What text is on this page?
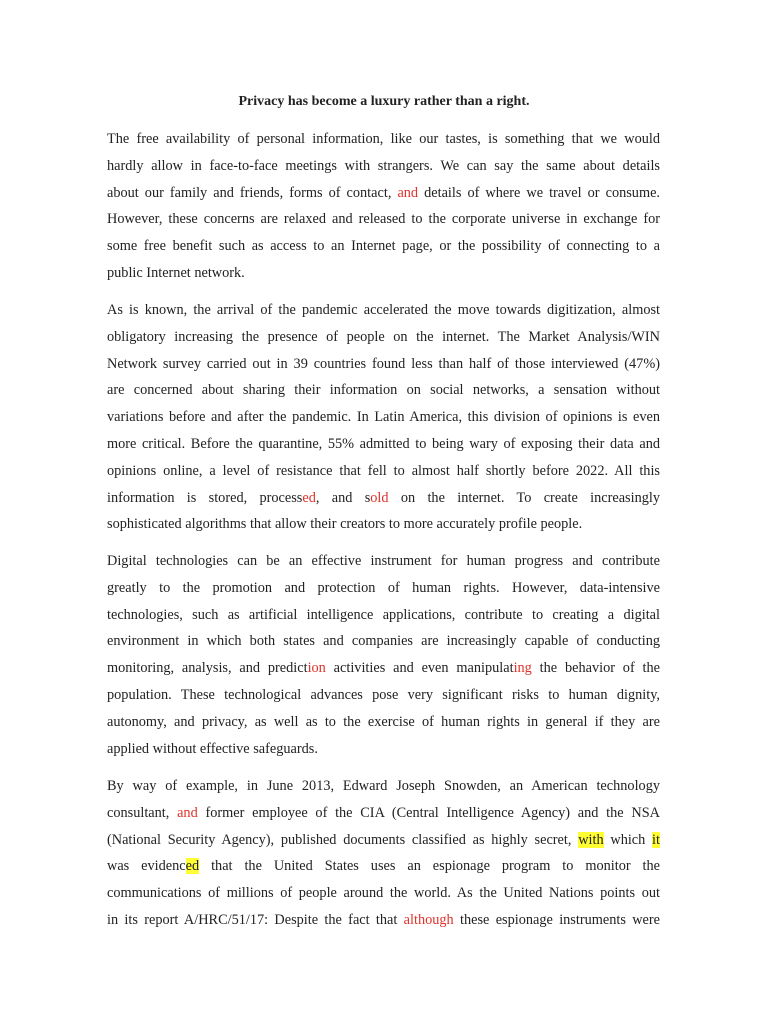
Privacy has become a luxury rather than a right.

The free availability of personal information, like our tastes, is something that we would
hardly allow in face-to-face meetings with strangers. We can say the same about details
about our family and friends, forms of contact, and details of where we travel or consume.
However, these concerns are relaxed and released to the corporate universe in exchange for
some free benefit such as access to an Internet page, or the possibility of connecting to a
public Internet network.

As is known, the arrival of the pandemic accelerated the move towards digitization, almost
obligatory increasing the presence of people on the internet. The Market Analysis/WIN
Network survey carried out in 39 countries found less than half of those interviewed (47%)
are concerned about sharing their information on social networks, a sensation without
variations before and after the pandemic. In Latin America, this division of opinions is even
more critical. Before the quarantine, 55% admitted to being wary of exposing their data and
opinions online, a level of resistance that fell to almost half shortly before 2022. All this
information is stored, processed, and sold on the internet. To create increasingly
sophisticated algorithms that allow their creators to more accurately profile people.

Digital technologies can be an effective instrument for human progress and contribute
greatly to the promotion and protection of human rights. However, data-intensive
technologies, such as artificial intelligence applications, contribute to creating a digital
environment in which both states and companies are increasingly capable of conducting
monitoring, analysis, and prediction activities and even manipulating the behavior of the
population. These technological advances pose very significant risks to human dignity,
autonomy, and privacy, as well as to the exercise of human rights in general if they are
applied without effective safeguards.

By way of example, in June 2013, Edward Joseph Snowden, an American technology
consultant, and former employee of the CIA (Central Intelligence Agency) and the NSA
(National Security Agency), published documents classified as highly secret, with which it
was evidenced that the United States uses an espionage program to monitor the
communications of millions of people around the world. As the United Nations points out
in its report A/HRC/51/17: Despite the fact that although these espionage instruments were
